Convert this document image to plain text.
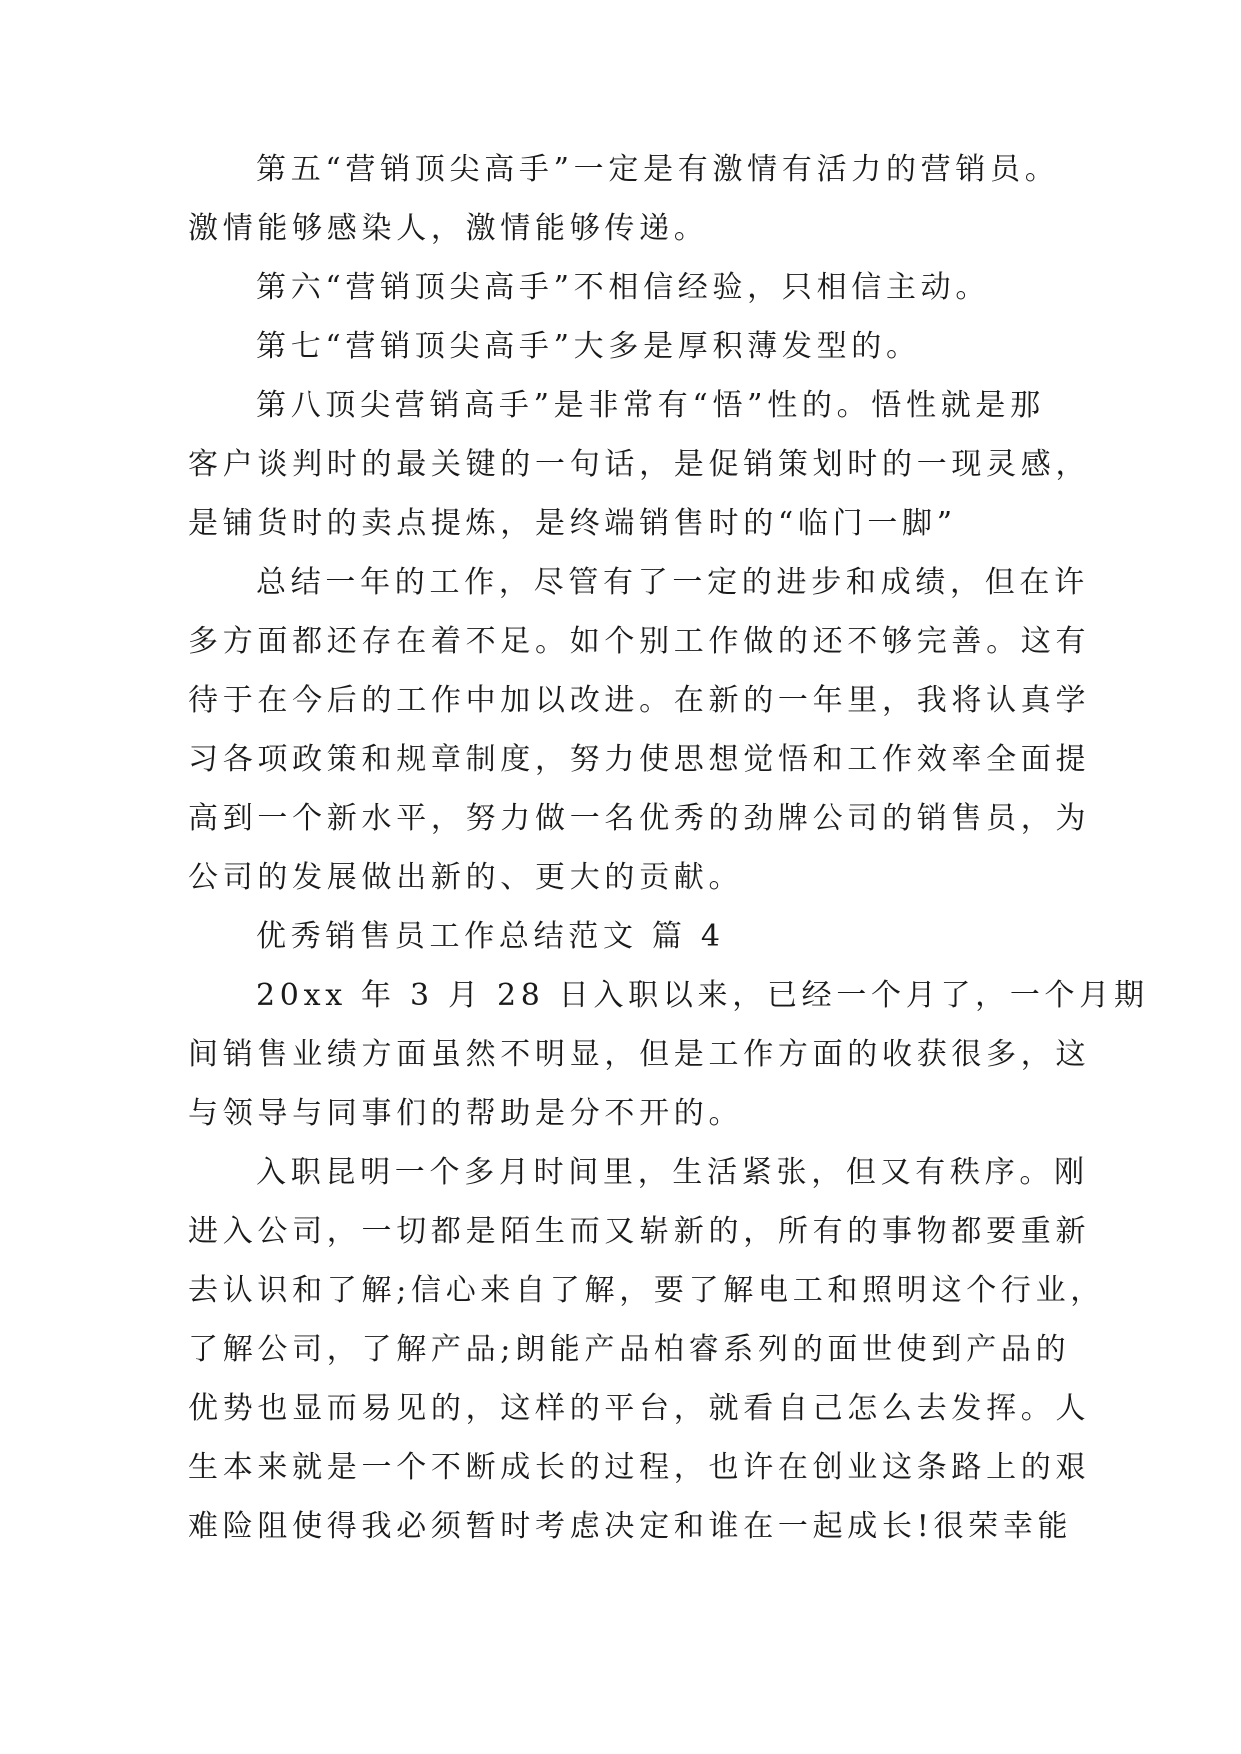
第五“营销顶尖高手”一定是有激情有活力的营销员。
激情能够感染人，激情能够传递。
第六“营销顶尖高手”不相信经验，只相信主动。
第七“营销顶尖高手”大多是厚积薄发型的。
第八顶尖营销高手”是非常有“悟”性的。悟性就是那
客户谈判时的最关键的一句话，是促销策划时的一现灵感，
是铺货时的卖点提炼，是终端销售时的“临门一脚”
总结一年的工作，尽管有了一定的进步和成绩，但在许
多方面都还存在着不足。如个别工作做的还不够完善。这有
待于在今后的工作中加以改进。在新的一年里，我将认真学
习各项政策和规章制度，努力使思想觉悟和工作效率全面提
高到一个新水平，努力做一名优秀的劲牌公司的销售员，为
公司的发展做出新的、更大的贡献。
优秀销售员工作总结范文 篇 4
20xx 年 3 月 28 日入职以来，已经一个月了，一个月期
间销售业绩方面虽然不明显，但是工作方面的收获很多，这
与领导与同事们的帮助是分不开的。
入职昆明一个多月时间里，生活紧张，但又有秩序。刚
进入公司，一切都是陌生而又崭新的，所有的事物都要重新
去认识和了解;信心来自了解，要了解电工和照明这个行业，
了解公司，了解产品;朗能产品柏睿系列的面世使到产品的
优势也显而易见的，这样的平台，就看自己怎么去发挥。人
生本来就是一个不断成长的过程，也许在创业这条路上的艰
难险阻使得我必须暂时考虑决定和谁在一起成长!很荣幸能
